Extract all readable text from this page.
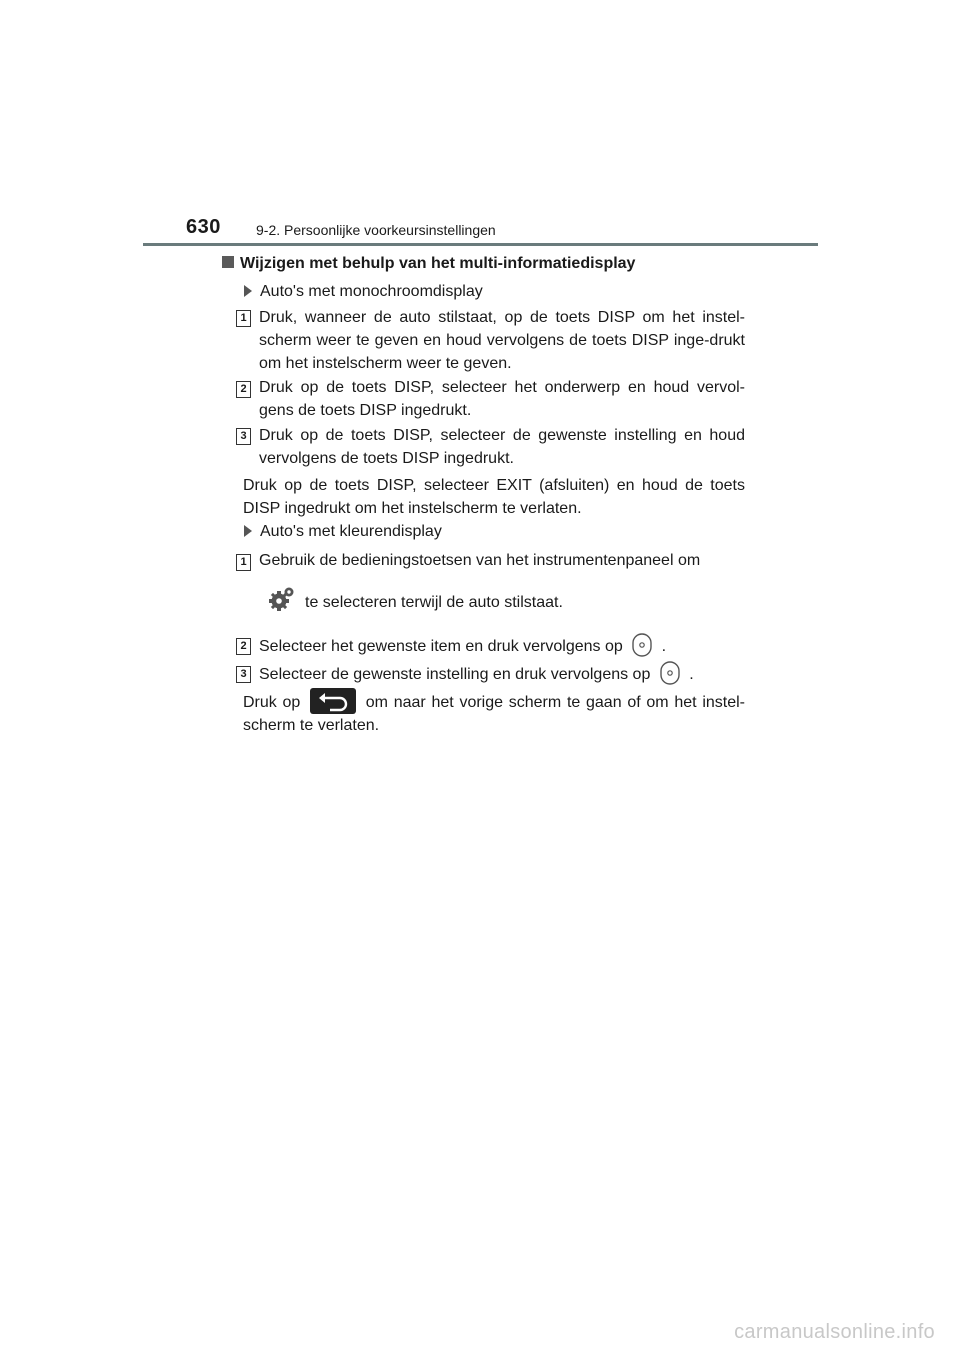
630	9-2. Persoonlijke voorkeursinstellingen
Wijzigen met behulp van het multi-informatiedisplay
Auto's met monochroomdisplay
1 Druk, wanneer de auto stilstaat, op de toets DISP om het instel-scherm weer te geven en houd vervolgens de toets DISP inge-drukt om het instelscherm weer te geven.
2 Druk op de toets DISP, selecteer het onderwerp en houd vervol-gens de toets DISP ingedrukt.
3 Druk op de toets DISP, selecteer de gewenste instelling en houd vervolgens de toets DISP ingedrukt.
Druk op de toets DISP, selecteer EXIT (afsluiten) en houd de toets DISP ingedrukt om het instelscherm te verlaten.
Auto's met kleurendisplay
1 Gebruik de bedieningstoetsen van het instrumentenpaneel om
te selecteren terwijl de auto stilstaat.
2 Selecteer het gewenste item en druk vervolgens op .
3 Selecteer de gewenste instelling en druk vervolgens op .
Druk op	om naar het vorige scherm te gaan of om het instel-scherm te verlaten.
carmanualsonline.info
